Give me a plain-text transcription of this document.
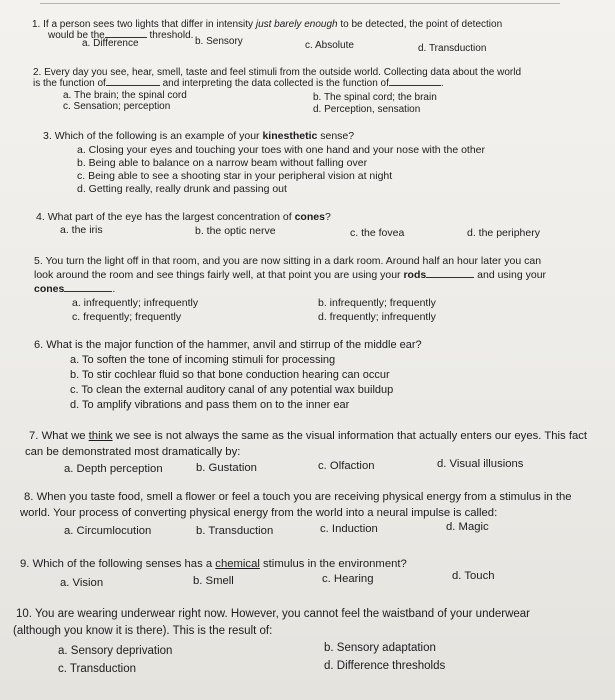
1. If a person sees two lights that differ in intensity just barely enough to be detected, the point of detection
would be the	threshold.
a. Difference	b. Sensory	c. Absolute	d. Transduction
2. Every day you see, hear, smell, taste and feel stimuli from the outside world. Collecting data about the world
is the function of	and interpreting the data collected is the function of	.
a. The brain; the spinal cord	b. The spinal cord; the brain
c. Sensation; perception	d. Perception, sensation
3. Which of the following is an example of your kinesthetic sense?
a. Closing your eyes and touching your toes with one hand and your nose with the other
b. Being able to balance on a narrow beam without falling over
c. Being able to see a shooting star in your peripheral vision at night
d. Getting really, really drunk and passing out
4. What part of the eye has the largest concentration of cones?
a. the iris	b. the optic nerve	c. the fovea	d. the periphery
5. You turn the light off in that room, and you are now sitting in a dark room. Around half an hour later you can
look around the room and see things fairly well, at that point you are using your rods	and using your
cones	.
a. infrequently; infrequently	b. infrequently; frequently
c. frequently; frequently	d. frequently; infrequently
6. What is the major function of the hammer, anvil and stirrup of the middle ear?
a. To soften the tone of incoming stimuli for processing
b. To stir cochlear fluid so that bone conduction hearing can occur
c. To clean the external auditory canal of any potential wax buildup
d. To amplify vibrations and pass them on to the inner ear
7. What we think we see is not always the same as the visual information that actually enters our eyes. This fact
can be demonstrated most dramatically by:
a. Depth perception	b. Gustation	c. Olfaction	d. Visual illusions
8. When you taste food, smell a flower or feel a touch you are receiving physical energy from a stimulus in the
world. Your process of converting physical energy from the world into a neural impulse is called:
a. Circumlocution	b. Transduction	c. Induction	d. Magic
9. Which of the following senses has a chemical stimulus in the environment?
a. Vision	b. Smell	c. Hearing	d. Touch
10. You are wearing underwear right now. However, you cannot feel the waistband of your underwear
(although you know it is there). This is the result of:
a. Sensory deprivation	b. Sensory adaptation
c. Transduction	d. Difference thresholds
